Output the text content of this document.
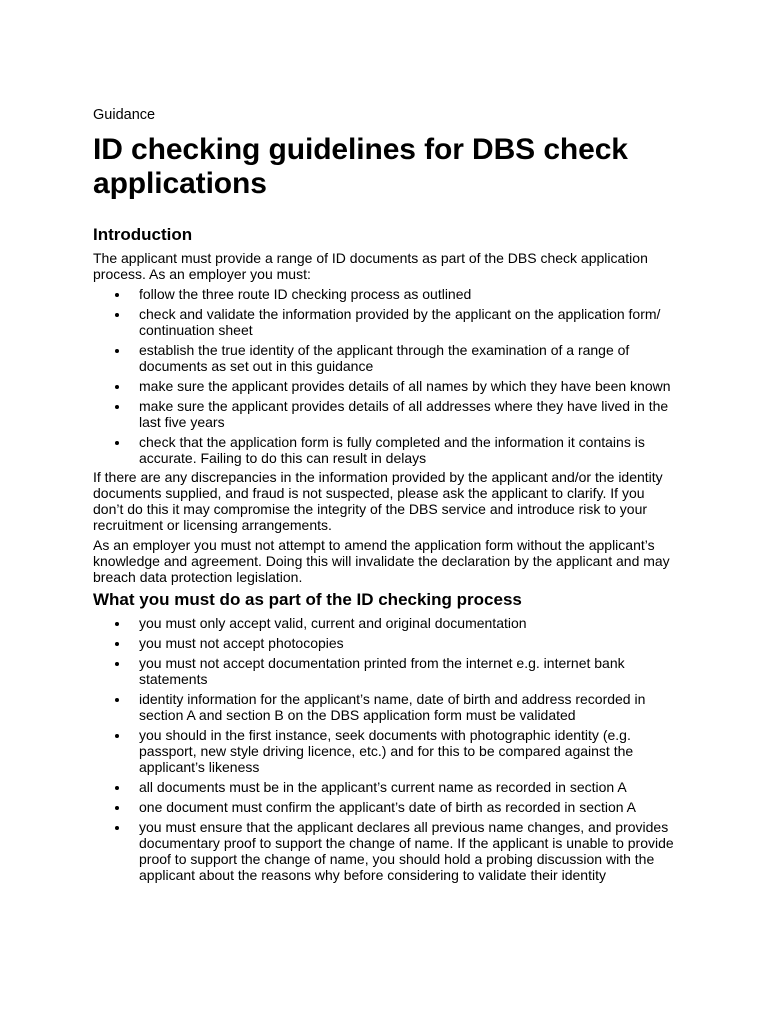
Guidance
ID checking guidelines for DBS check applications
Introduction

The applicant must provide a range of ID documents as part of the DBS check application process. As an employer you must:

follow the three route ID checking process as outlined
check and validate the information provided by the applicant on the application form/ continuation sheet
establish the true identity of the applicant through the examination of a range of documents as set out in this guidance
make sure the applicant provides details of all names by which they have been known
make sure the applicant provides details of all addresses where they have lived in the last five years
check that the application form is fully completed and the information it contains is accurate. Failing to do this can result in delays

If there are any discrepancies in the information provided by the applicant and/or the identity documents supplied, and fraud is not suspected, please ask the applicant to clarify. If you don’t do this it may compromise the integrity of the DBS service and introduce risk to your recruitment or licensing arrangements.

As an employer you must not attempt to amend the application form without the applicant’s knowledge and agreement. Doing this will invalidate the declaration by the applicant and may breach data protection legislation.

What you must do as part of the ID checking process
you must only accept valid, current and original documentation
you must not accept photocopies
you must not accept documentation printed from the internet e.g. internet bank statements
identity information for the applicant’s name, date of birth and address recorded in section A and section B on the DBS application form must be validated
you should in the first instance, seek documents with photographic identity (e.g. passport, new style driving licence, etc.) and for this to be compared against the applicant’s likeness
all documents must be in the applicant’s current name as recorded in section A
one document must confirm the applicant’s date of birth as recorded in section A
you must ensure that the applicant declares all previous name changes, and provides documentary proof to support the change of name. If the applicant is unable to provide proof to support the change of name, you should hold a probing discussion with the applicant about the reasons why before considering to validate their identity
